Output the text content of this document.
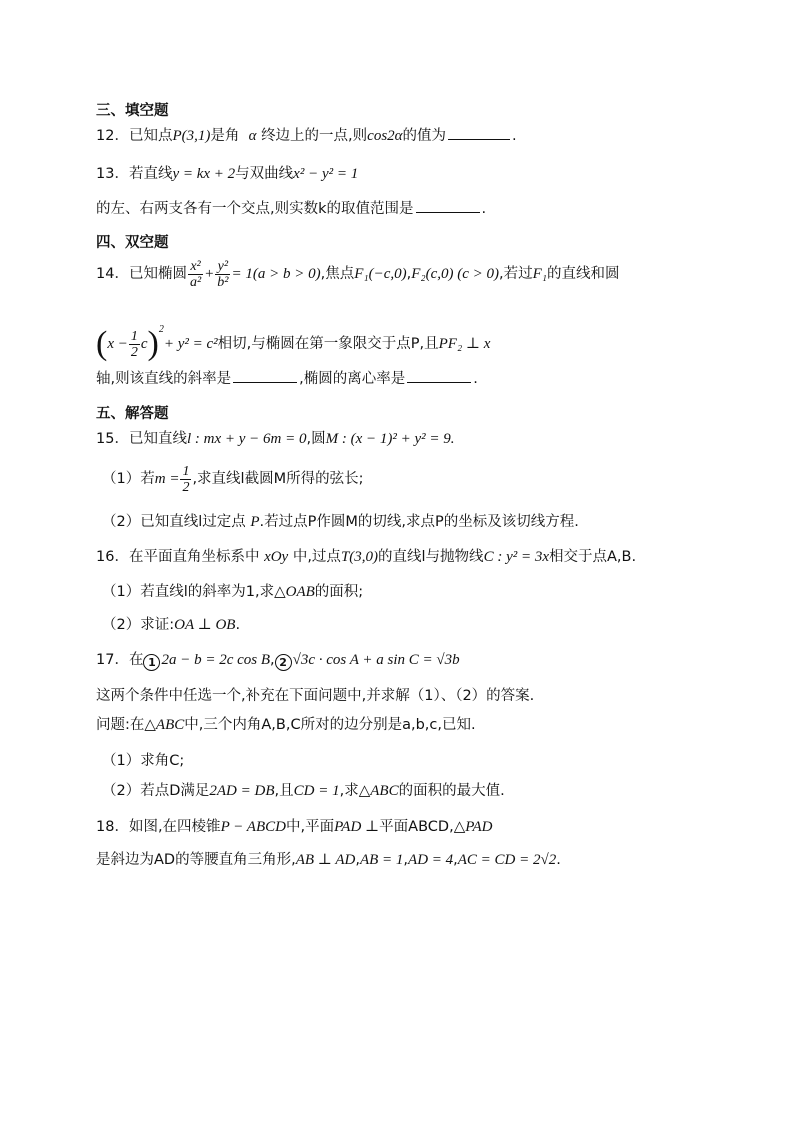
三、填空题
12．已知点P(3,1)是角 α 终边上的一点,则cos2α的值为	.
13．若直线y = kx + 2与双曲线x² − y² = 1
的左、右两支各有一个交点,则实数k的取值范围是	.
四、双空题
14．已知椭圆 $\frac{\text{x²}}{\text{a²}} + \frac{\text{y²}}{\text{b²}} = 1(a > b > 0)$,焦点F₁(−c,0),F₂(c,0) (c > 0),若过F₁的直线和圆
$(x - \frac{1}{2} c)^2+ y^2 = c^2$相切,与椭圆在第一象限交于点P,且PF₂ ⊥ x
轴,则该直线的斜率是	,椭圆的离心率是	.
五、解答题
15．已知直线l : mx + y − 6m = 0,圆M : (x − 1)² + y² = 9.
（1）若$m = \frac{1}{2}$ ,求直线l截圆M所得的弦长;
（2）已知直线l过定点 P.若过点P作圆M的切线,求点P的坐标及该切线方程.
16．在平面直角坐标系中 xOy 中,过点T(3,0)的直线l与抛物线C : y² = 3x相交于点A,B.
（1）若直线l的斜率为1,求△OAB的面积;
（2）求证:OA ⊥ OB.
17．在 1 2a − b = 2c cos B, 2 √3c · cos A + a sin C = √3b
这两个条件中任选一个,补充在下面问题中,并求解（1）、（2）的答案.
问题:在△ABC中,三个内角A,B,C所对的边分别是a,b,c,已知.
（1）求角C;
（2）若点D满足2AD = DB,且CD = 1,求△ABC的面积的最大值.
18．如图,在四棱锥P − ABCD中,平面PAD ⊥平面ABCD,△PAD
是斜边为AD的等腰直角三角形,AB ⊥ AD,AB = 1,AD = 4,AC = CD = 2√2.
